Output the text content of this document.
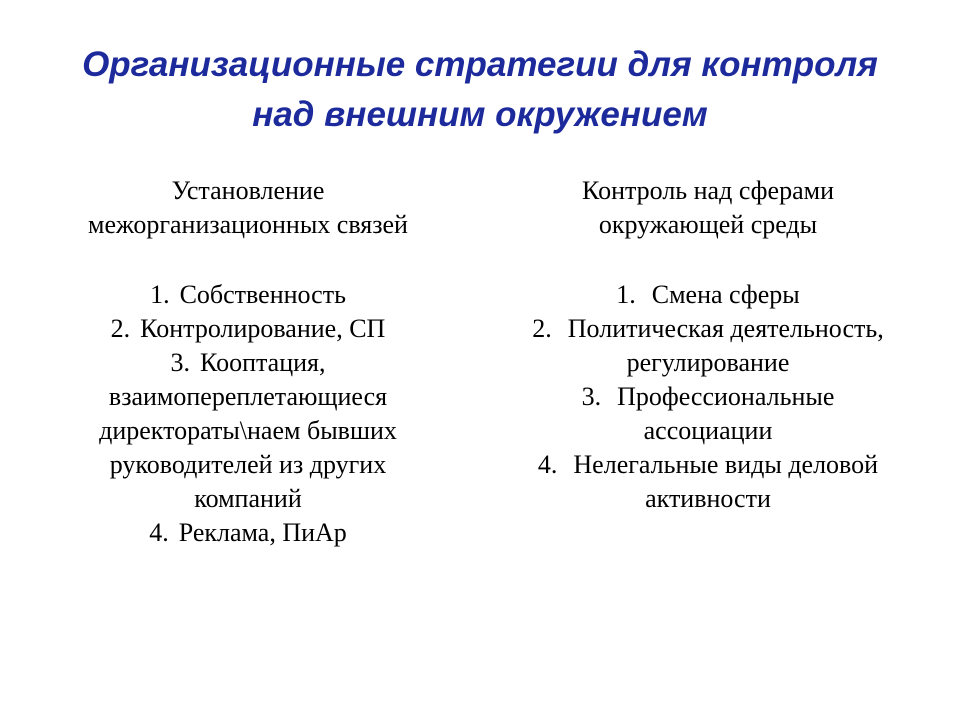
Организационные стратегии для контроля
над внешним окружением

Установление
межорганизационных связей

1. Собственность
2. Контролирование, СП
3. Кооптация,
взаимопереплетающиеся
директораты\наем бывших
руководителей из других
компаний
4. Реклама, ПиАр

Контроль над сферами
окружающей среды

1. Смена сферы
2. Политическая деятельность,
регулирование
3. Профессиональные
ассоциации
4. Нелегальные виды деловой
активности
